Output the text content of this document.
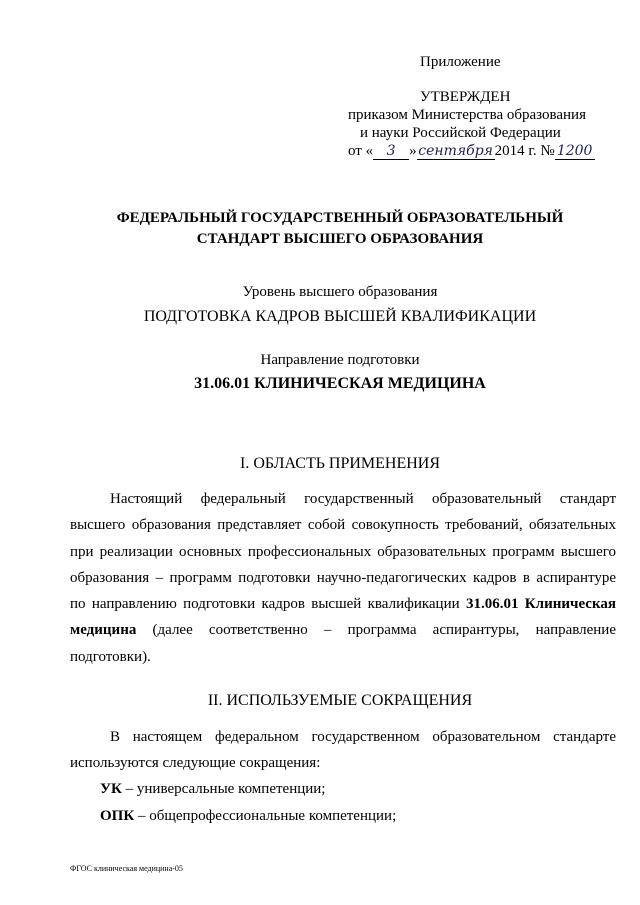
Приложение
УТВЕРЖДЕН
приказом Министерства образования
и науки Российской Федерации
от « 3 » сентября 2014 г. № 1200
ФЕДЕРАЛЬНЫЙ ГОСУДАРСТВЕННЫЙ ОБРАЗОВАТЕЛЬНЫЙ
СТАНДАРТ ВЫСШЕГО ОБРАЗОВАНИЯ
Уровень высшего образования
ПОДГОТОВКА КАДРОВ ВЫСШЕЙ КВАЛИФИКАЦИИ
Направление подготовки
31.06.01 КЛИНИЧЕСКАЯ МЕДИЦИНА
I. ОБЛАСТЬ ПРИМЕНЕНИЯ
Настоящий федеральный государственный образовательный стандарт высшего образования представляет собой совокупность требований, обязательных при реализации основных профессиональных образовательных программ высшего образования – программ подготовки научно-педагогических кадров в аспирантуре по направлению подготовки кадров высшей квалификации 31.06.01 Клиническая медицина (далее соответственно – программа аспирантуры, направление подготовки).
II. ИСПОЛЬЗУЕМЫЕ СОКРАЩЕНИЯ
В настоящем федеральном государственном образовательном стандарте используются следующие сокращения:
УК – универсальные компетенции;
ОПК – общепрофессиональные компетенции;
ФГОС клиническая медицина-05
